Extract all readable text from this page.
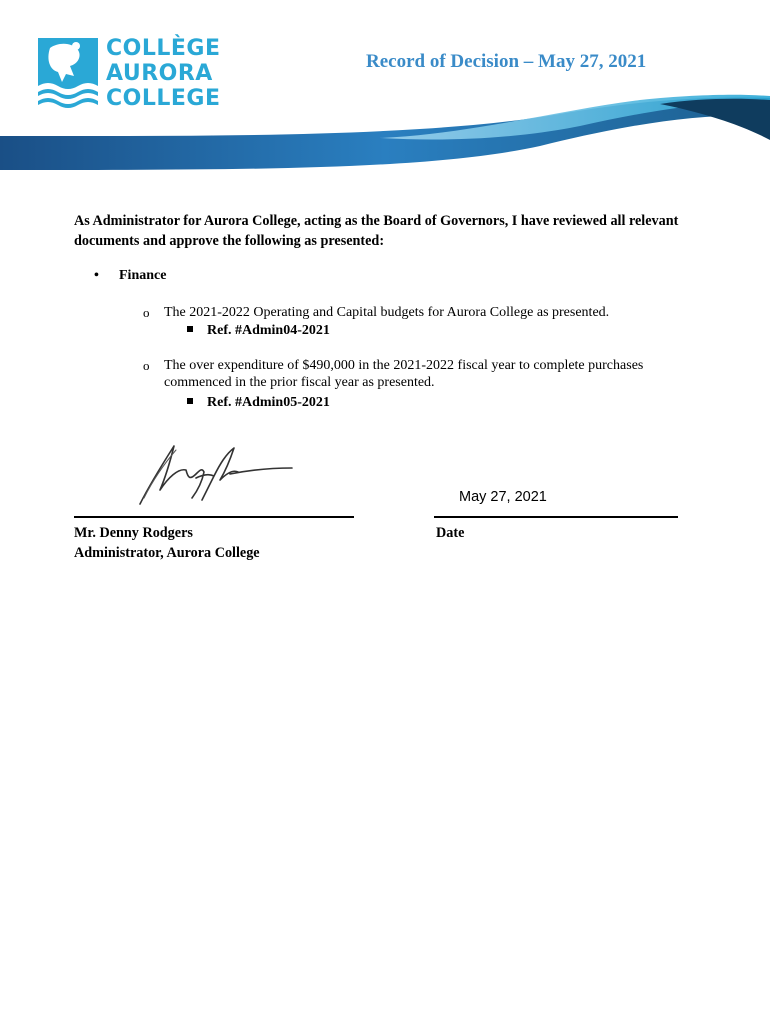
COLLÈGE
AURORA
COLLEGE
Record of Decision – May 27, 2021
As Administrator for Aurora College, acting as the Board of Governors, I have reviewed all relevant documents and approve the following as presented:
• Finance
o The 2021-2022 Operating and Capital budgets for Aurora College as presented.
Ref. #Admin04-2021
o The over expenditure of $490,000 in the 2021-2022 fiscal year to complete purchases commenced in the prior fiscal year as presented.
Ref. #Admin05-2021
May 27, 2021
Mr. Denny Rodgers
Administrator, Aurora College
Date
